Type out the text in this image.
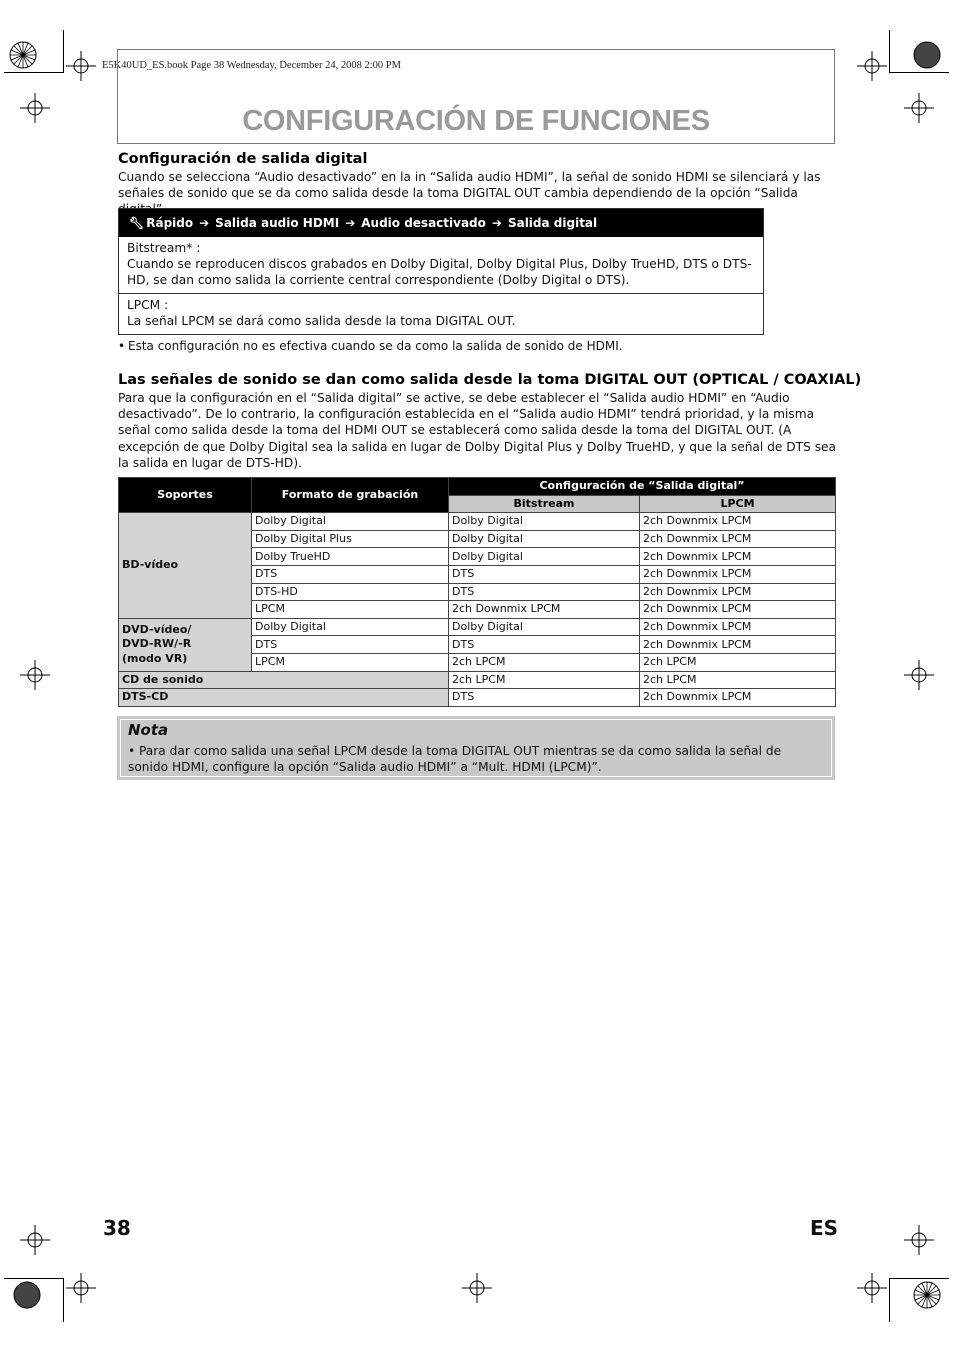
E5K40UD_ES.book Page 38 Wednesday, December 24, 2008 2:00 PM
CONFIGURACIÓN DE FUNCIONES
Configuración de salida digital
Cuando se selecciona “Audio desactivado” en la in “Salida audio HDMI”, la señal de sonido HDMI se silenciará y las señales de sonido que se da como salida desde la toma DIGITAL OUT cambia dependiendo de la opción “Salida
🔧︎ Rápido ➔ Salida audio HDMI ➔ Audio desactivado ➔ Salida digital
Bitstream* :
Cuando se reproducen discos grabados en Dolby Digital, Dolby Digital Plus, Dolby TrueHD, DTS o DTS-HD, se dan como salida la corriente central correspondiente (Dolby Digital o DTS).
LPCM :
La señal LPCM se dará como salida desde la toma DIGITAL OUT.
• Esta configuración no es efectiva cuando se da como la salida de sonido de HDMI.
Las señales de sonido se dan como salida desde la toma DIGITAL OUT (OPTICAL / COAXIAL)
Para que la configuración en el “Salida digital” se active, se debe establecer el “Salida audio HDMI” en “Audio desactivado”. De lo contrario, la configuración establecida en el “Salida audio HDMI” tendrá prioridad, y la misma señal como salida desde la toma del HDMI OUT se establecerá como salida desde la toma del DIGITAL OUT. (A excepción de que Dolby Digital sea la salida en lugar de Dolby Digital Plus y Dolby TrueHD, y que la señal de DTS sea la salida en lugar de DTS-HD).
Soportes	Formato de grabación	Configuración de “Salida digital”	
		Bitstream	LPCM
BD-vídeo	Dolby Digital	Dolby Digital	2ch Downmix LPCM
	Dolby Digital Plus	Dolby Digital	2ch Downmix LPCM
	Dolby TrueHD	Dolby Digital	2ch Downmix LPCM
	DTS	DTS	2ch Downmix LPCM
	DTS-HD	DTS	2ch Downmix LPCM
	LPCM	2ch Downmix LPCM	2ch Downmix LPCM

DVD-vídeo/
DVD-RW/-R
(modo VR)	Dolby Digital	Dolby Digital	2ch Downmix LPCM
	DTS	DTS	2ch Downmix LPCM
	LPCM	2ch LPCM	2ch LPCM
CD de sonido		2ch LPCM	2ch LPCM
DTS-CD		DTS	2ch Downmix LPCM
Nota
• Para dar como salida una señal LPCM desde la toma DIGITAL OUT mientras se da como salida la señal de sonido HDMI, configure la opción “Salida audio HDMI” a “Mult. HDMI (LPCM)”.
38	ES
